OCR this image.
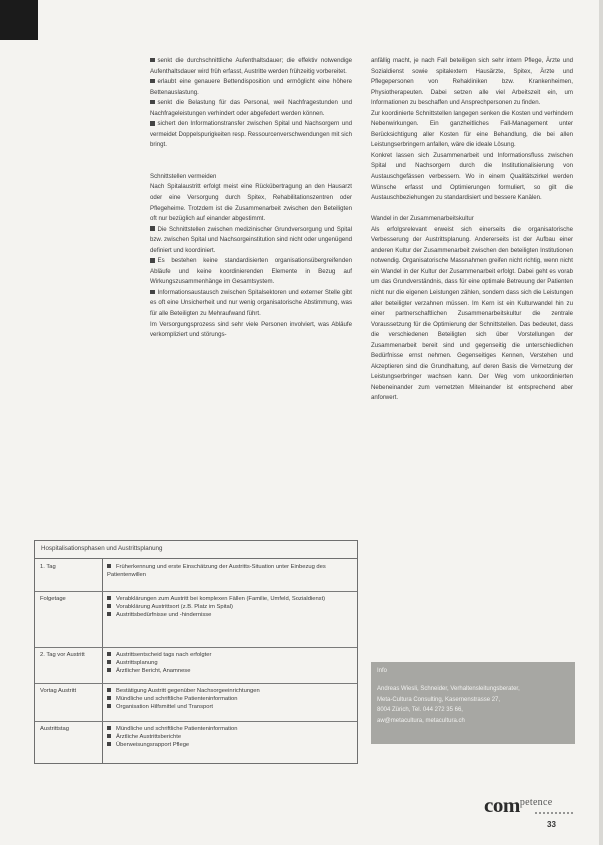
senkt die durchschnittliche Aufenthaltsdauer; die effektiv notwendige Aufenthaltsdauer wird früh erfasst, Austritte werden frühzeitig vorbereitet.

erlaubt eine genauere Bettendisposition und ermöglicht eine höhere Bettenauslastung.

senkt die Belastung für das Personal, weil Nachfragestunden und Nachfrageleistungen verhindert oder abgefedert werden können.

sichert den Informationstransfer zwischen Spital und Nachsorgern und vermeidet Doppelspurigkeiten resp. Ressourcenverschwendungen mit sich bringt.

Schnittstellen vermeiden

Nach Spitalaustritt erfolgt meist eine Rückübertragung an den Hausarzt oder eine Versorgung durch Spitex, Rehabilitationszentren oder Pflegeheime. Trotzdem ist die Zusammenarbeit zwischen den Beteiligten oft nur bezüglich auf einander abgestimmt.

Die Schnittstellen zwischen medizinischer Grundversorgung und Spital bzw. zwischen Spital und Nachsorgeinstitution sind nicht oder ungenügend definiert und koordiniert.

Es bestehen keine standardisierten organisationsübergreifenden Abläufe und keine koordinierenden Elemente in Bezug auf Wirkungszusammenhänge im Gesamtsystem.

Informationsaustausch zwischen Spitalsektoren und externer Stelle gibt es oft eine Unsicherheit und nur wenig organisatorische Abstimmung, was für alle Beteiligten zu Mehraufwand führt.

Im Versorgungsprozess sind sehr viele Personen involviert, was Abläufe verkompliziert und störungs-

anfällig macht, je nach Fall beteiligen sich sehr intern Pflege, Ärzte und Sozialdienst sowie spitalextern Hausärzte, Spitex, Ärzte und Pflegepersonen von Rehakliniken bzw. Krankenheimen, Physiotherapeuten. Dabei setzen alle viel Arbeitszeit ein, um Informationen zu beschaffen und Ansprechpersonen zu finden.

Zur koordinierte Schnittstellen langegen senken die Kosten und verhindern Nebenwirkungen. Ein ganzheitliches Fall-Management unter Berücksichtigung aller Kosten für eine Behandlung, die bei allen Leistungserbringern anfallen, wäre die ideale Lösung.

Konkret lassen sich Zusammenarbeit und Informationsfluss zwischen Spital und Nachsorgern durch die Institutionalisierung von Austauschgefässen verbessern. Wo in einem Qualitätszirkel werden Wünsche erfasst und Optimierungen formuliert, so gilt die Austauschbeziehungen zu standardisiert und bessere Kanälen.

Wandel in der Zusammenarbeitskultur

Als erfolgsrelevant erweist sich einerseits die organisatorische Verbesserung der Austrittsplanung. Andererseits ist der Aufbau einer anderen Kultur der Zusammenarbeit zwischen den beteiligten Institutionen notwendig. Organisatorische Massnahmen greifen nicht richtig, wenn nicht ein Wandel in der Kultur der Zusammenarbeit erfolgt. Dabei geht es vorab um das Grundverständnis, dass für eine optimale Betreuung der Patienten nicht nur die eigenen Leistungen zählen, sondern dass sich die Leistungen aller beteiligter verzahnen müssen. Im Kern ist ein Kulturwandel hin zu einer partnerschaftlichen Zusammenarbeitskultur die zentrale Voraussetzung für die Optimierung der Schnittstellen. Das bedeutet, dass die verschiedenen Beteiligten sich über Vorstellungen der Zusammenarbeit bereit sind und gegenseitig die unterschiedlichen Bedürfnisse ernst nehmen. Gegenseitiges Kennen, Verstehen und Akzeptieren sind die Grundhaltung, auf deren Basis die Vernetzung der Leistungserbringer wachsen kann. Der Weg vom unkoordinierten Nebeneinander zum vernetzten Miteinander ist entsprechend aber anforwert.

Hospitalisationsphasen und Austrittsplanung
1. Tag	Früherkennung und erste Einschätzung der Austritts-Situation unter Einbezug des Patientenwillen
Folgetage	Verabklärungen zum Austritt bei komplexen Fällen (Familie, Umfeld, Sozialdienst)
Vorabklärung Austrittsort (z.B. Platz im Spital)
Austrittsbedürfnisse und -hindernisse
2. Tag vor Austritt	Austrittsentscheid tags nach erfolgter
Austrittsplanung
Ärztlicher Bericht, Anamnese
Vortag Austritt	Bestätigung Austritt gegenüber Nachsorgeeinrichtungen
Mündliche und schriftliche Patienteninformation
Organisation Hilfsmittel und Transport
Austrittstag	Mündliche und schriftliche Patienteninformation
Ärztliche Austrittsberichte
Überweisungsrapport Pflege
Info
Andreas Wiesli, Schneider, Verhaltensleitungsberater,
Meta-Cultura Consulting, Kasernenstrasse 27,
8004 Zürich, Tel. 044 272 35 66,
aw@metacultura, metacultura.ch
com$^{petence}$
33
